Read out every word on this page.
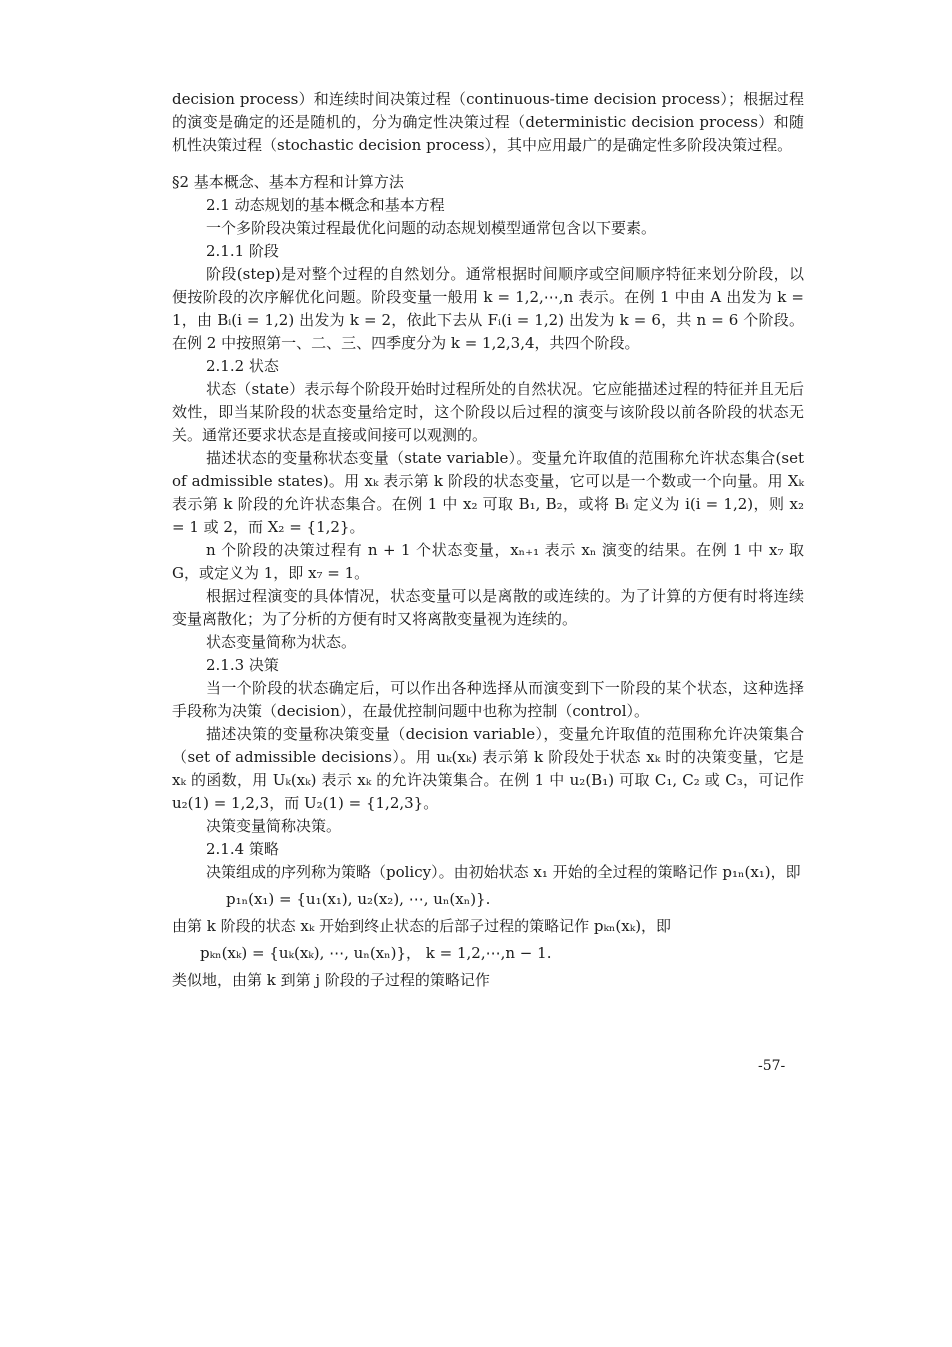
decision process）和连续时间决策过程（continuous-time decision process）；根据过程的演变是确定的还是随机的，分为确定性决策过程（deterministic decision process）和随机性决策过程（stochastic decision process），其中应用最广的是确定性多阶段决策过程。

§2 基本概念、基本方程和计算方法

2.1 动态规划的基本概念和基本方程

一个多阶段决策过程最优化问题的动态规划模型通常包含以下要素。

2.1.1 阶段

阶段(step)是对整个过程的自然划分。通常根据时间顺序或空间顺序特征来划分阶段，以便按阶段的次序解优化问题。阶段变量一般用 k = 1,2,⋯,n 表示。在例 1 中由 A 出发为 k = 1，由 Bᵢ(i = 1,2) 出发为 k = 2，依此下去从 Fᵢ(i = 1,2) 出发为 k = 6，共 n = 6 个阶段。在例 2 中按照第一、二、三、四季度分为 k = 1,2,3,4，共四个阶段。

2.1.2 状态

状态（state）表示每个阶段开始时过程所处的自然状况。它应能描述过程的特征并且无后效性，即当某阶段的状态变量给定时，这个阶段以后过程的演变与该阶段以前各阶段的状态无关。通常还要求状态是直接或间接可以观测的。

描述状态的变量称状态变量（state variable）。变量允许取值的范围称允许状态集合(set of admissible states)。用 xₖ 表示第 k 阶段的状态变量，它可以是一个数或一个向量。用 Xₖ 表示第 k 阶段的允许状态集合。在例 1 中 x₂ 可取 B₁, B₂，或将 Bᵢ 定义为 i(i = 1,2)，则 x₂ = 1 或 2，而 X₂ = {1,2}。

n 个阶段的决策过程有 n + 1 个状态变量，xₙ₊₁ 表示 xₙ 演变的结果。在例 1 中 x₇ 取 G，或定义为 1，即 x₇ = 1。

根据过程演变的具体情况，状态变量可以是离散的或连续的。为了计算的方便有时将连续变量离散化；为了分析的方便有时又将离散变量视为连续的。

状态变量简称为状态。

2.1.3 决策

当一个阶段的状态确定后，可以作出各种选择从而演变到下一阶段的某个状态，这种选择手段称为决策（decision），在最优控制问题中也称为控制（control）。

描述决策的变量称决策变量（decision variable），变量允许取值的范围称允许决策集合（set of admissible decisions）。用 uₖ(xₖ) 表示第 k 阶段处于状态 xₖ 时的决策变量，它是 xₖ 的函数，用 Uₖ(xₖ) 表示 xₖ 的允许决策集合。在例 1 中 u₂(B₁) 可取 C₁, C₂ 或 C₃，可记作 u₂(1) = 1,2,3，而 U₂(1) = {1,2,3}。

决策变量简称决策。

2.1.4 策略

决策组成的序列称为策略（policy）。由初始状态 x₁ 开始的全过程的策略记作 p₁ₙ(x₁)，即

p₁ₙ(x₁) = {u₁(x₁), u₂(x₂), ⋯, uₙ(xₙ)}.

由第 k 阶段的状态 xₖ 开始到终止状态的后部子过程的策略记作 pₖₙ(xₖ)，即

pₖₙ(xₖ) = {uₖ(xₖ), ⋯, uₙ(xₙ)}， k = 1,2,⋯,n − 1.

类似地，由第 k 到第 j 阶段的子过程的策略记作

-57-
